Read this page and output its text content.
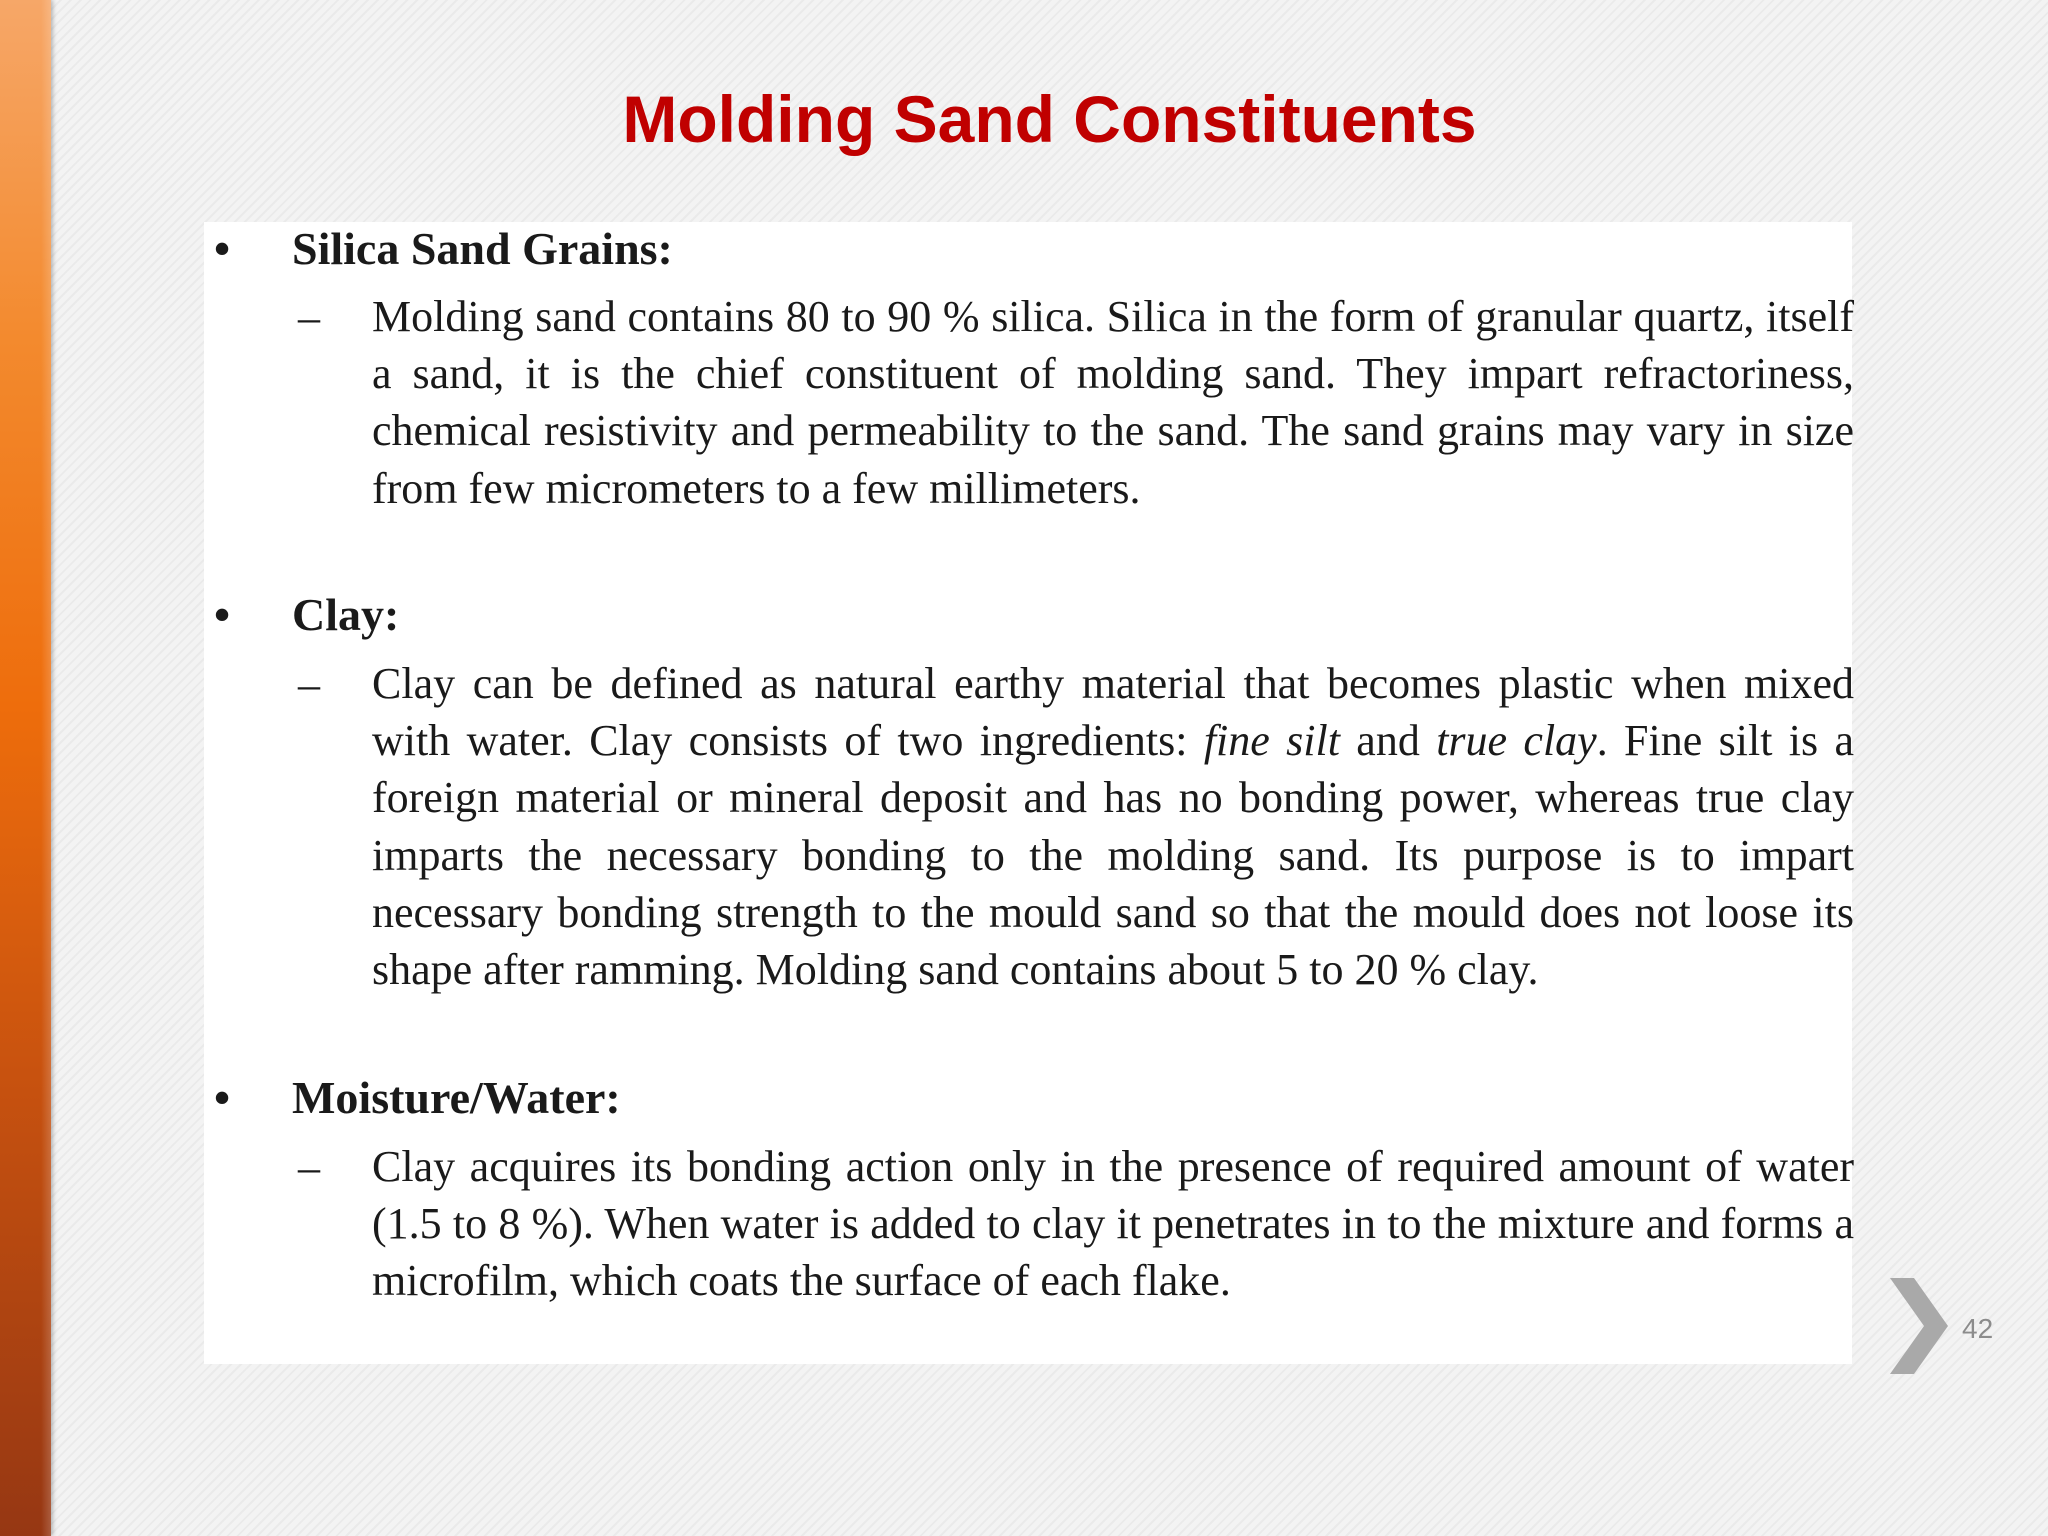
Molding Sand Constituents
•	Silica Sand Grains:
– Molding sand contains 80 to 90 % silica. Silica in the form of granular quartz, itself a sand, it is the chief constituent of molding sand. They impart refractoriness, chemical resistivity and permeability to the sand. The sand grains may vary in size from few micrometers to a few millimeters.

•	Clay:
– Clay can be defined as natural earthy material that becomes plastic when mixed with water. Clay consists of two ingredients: fine silt and true clay. Fine silt is a foreign material or mineral deposit and has no bonding power, whereas true clay imparts the necessary bonding to the molding sand. Its purpose is to impart necessary bonding strength to the mould sand so that the mould does not loose its shape after ramming. Molding sand contains about 5 to 20 % clay.

•	Moisture/Water:
– Clay acquires its bonding action only in the presence of required amount of water (1.5 to 8 %). When water is added to clay it penetrates in to the mixture and forms a microfilm, which coats the surface of each flake.

42
